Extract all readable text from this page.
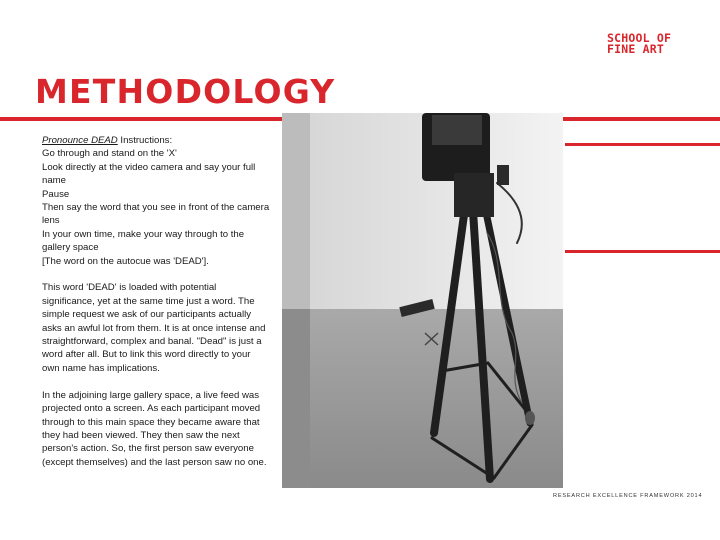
SCHOOL OF
FINE ART
METHODOLOGY

Pronounce DEAD Instructions:
Go through and stand on the 'X'
Look directly at the video camera and say your full name
Pause
Then say the word that you see in front of the camera lens
In your own time, make your way through to the gallery space
[The word on the autocue was 'DEAD'].

This word 'DEAD' is loaded with potential significance, yet at the same time just a word. The simple request we ask of our participants actually asks an awful lot from them. It is at once intense and straightforward, complex and banal. "Dead" is just a word after all. But to link this word directly to your own name has implications.

In the adjoining large gallery space, a live feed was projected onto a screen. As each participant moved through to this main space they became aware that they had been viewed. They then saw the next person's action. So, the first person saw everyone (except themselves) and the last person saw no one.

RESEARCH EXCELLENCE FRAMEWORK 2014
